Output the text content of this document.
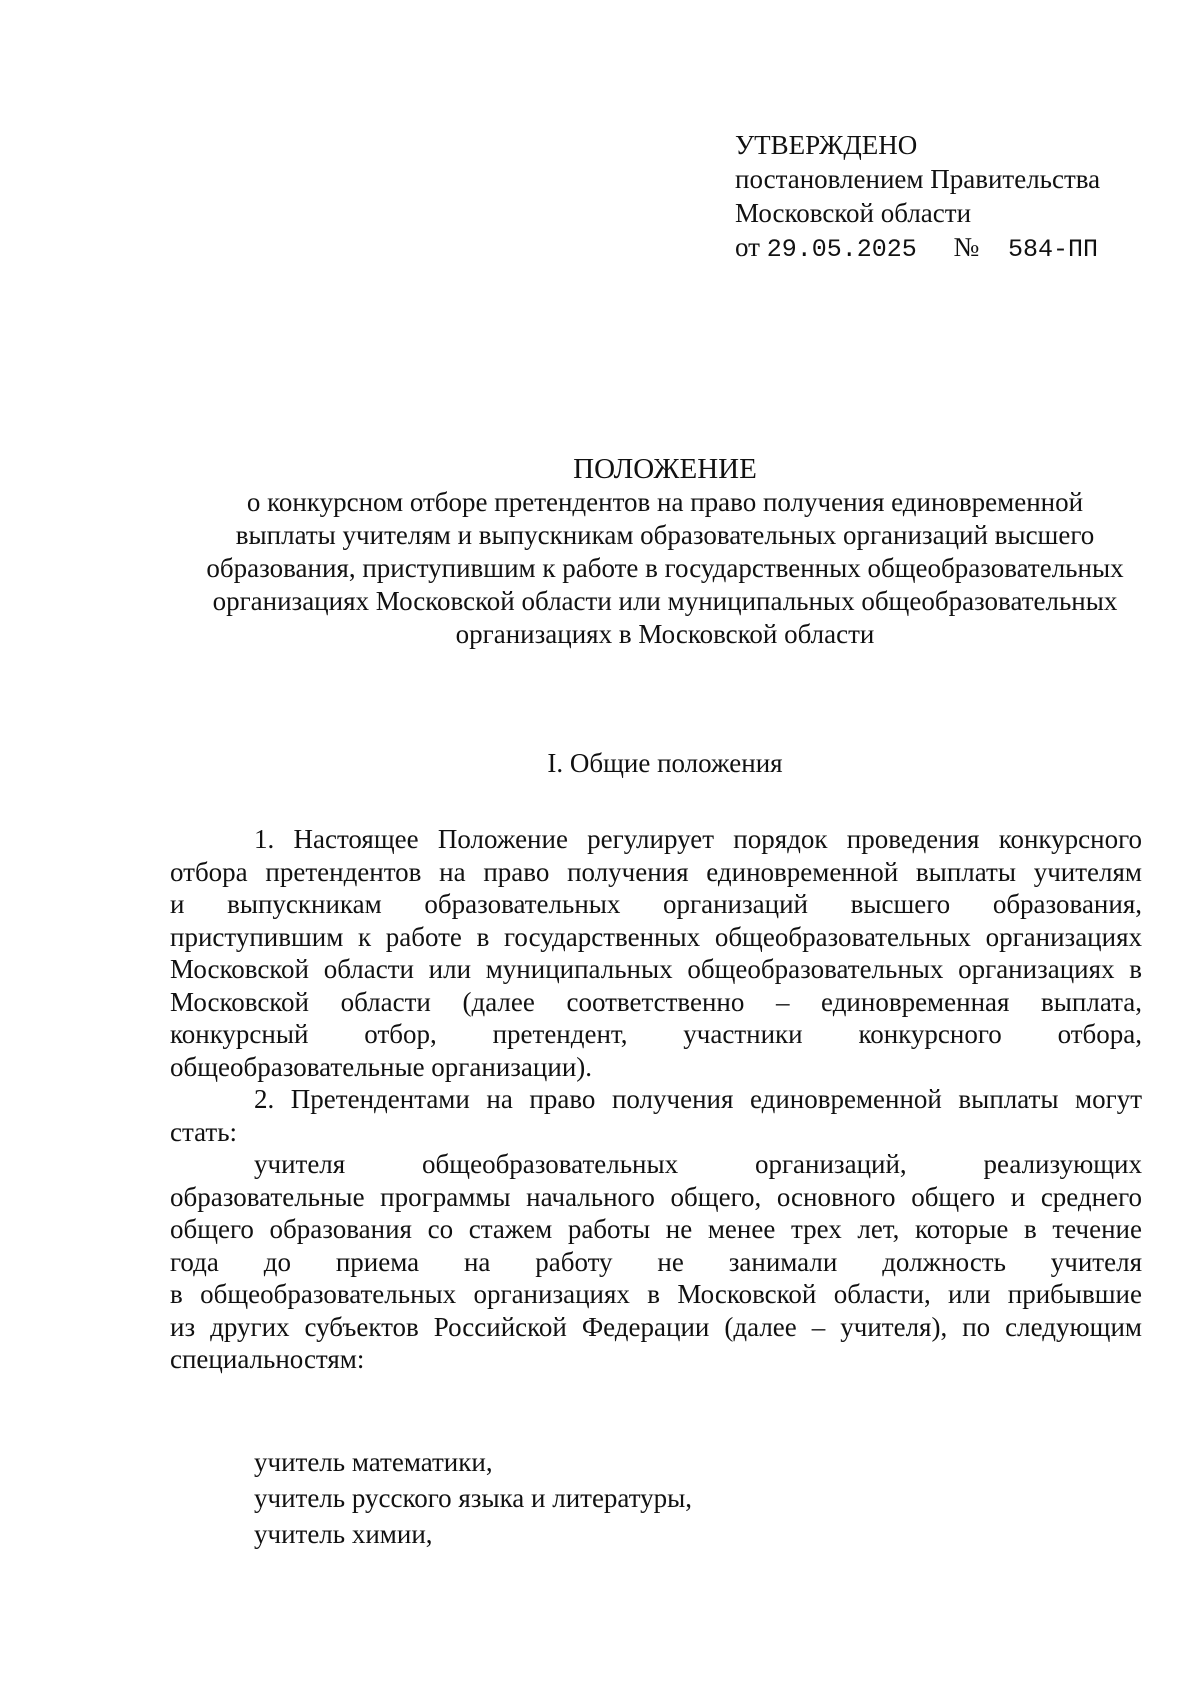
УТВЕРЖДЕНО
постановлением Правительства
Московской области
от 29.05.2025 № 584-ПП
ПОЛОЖЕНИЕ
о конкурсном отборе претендентов на право получения единовременной
выплаты учителям и выпускникам образовательных организаций высшего
образования, приступившим к работе в государственных общеобразовательных
организациях Московской области или муниципальных общеобразовательных
организациях в Московской области
I. Общие положения
1. Настоящее Положение регулирует порядок проведения конкурсного
отбора претендентов на право получения единовременной выплаты учителям
и выпускникам образовательных организаций высшего образования,
приступившим к работе в государственных общеобразовательных организациях
Московской области или муниципальных общеобразовательных организациях в
Московской области (далее соответственно – единовременная выплата,
конкурсный отбор, претендент, участники конкурсного отбора,
общеобразовательные организации).
2. Претендентами на право получения единовременной выплаты могут
стать:
учителя общеобразовательных организаций, реализующих
образовательные программы начального общего, основного общего и среднего
общего образования со стажем работы не менее трех лет, которые в течение
года до приема на работу не занимали должность учителя
в общеобразовательных организациях в Московской области, или прибывшие
из других субъектов Российской Федерации (далее – учителя), по следующим
специальностям:
учитель математики,
учитель русского языка и литературы,
учитель химии,
